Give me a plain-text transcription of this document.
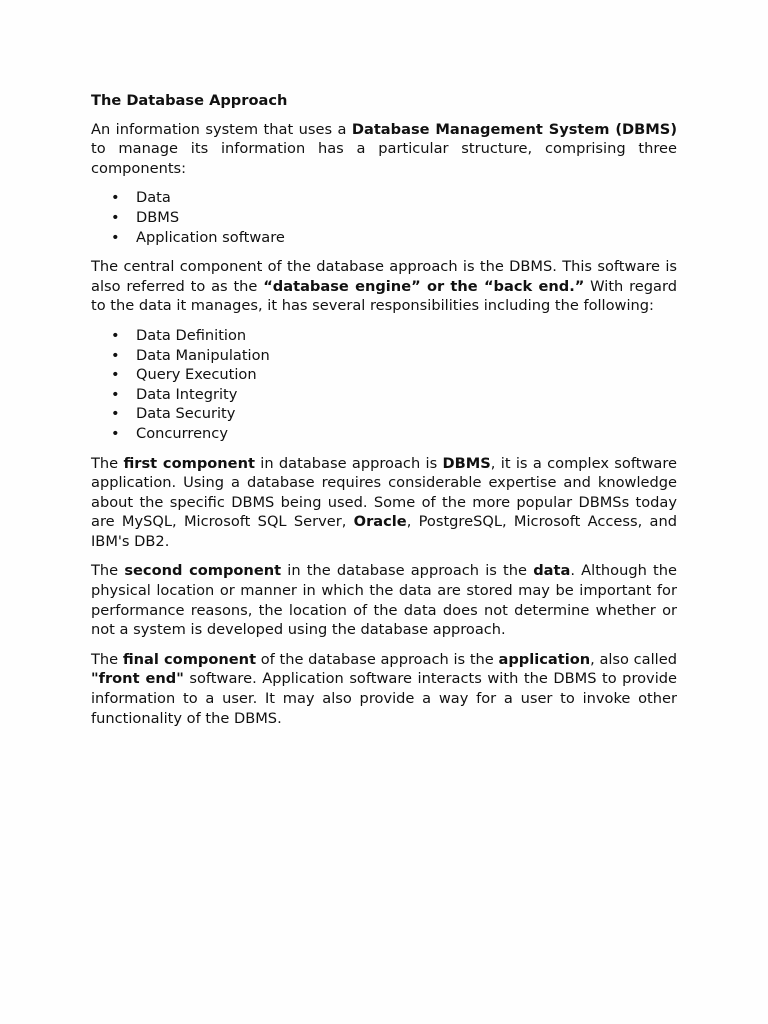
The Database Approach

An information system that uses a Database Management System (DBMS) to manage its information has a particular structure, comprising three components:

• Data
• DBMS
• Application software

The central component of the database approach is the DBMS. This software is also referred to as the “database engine” or the “back end.” With regard to the data it manages, it has several responsibilities including the following:

• Data Definition
• Data Manipulation
• Query Execution
• Data Integrity
• Data Security
• Concurrency

The first component in database approach is DBMS, it is a complex software application. Using a database requires considerable expertise and knowledge about the specific DBMS being used. Some of the more popular DBMSs today are MySQL, Microsoft SQL Server, Oracle, PostgreSQL, Microsoft Access, and IBM's DB2.

The second component in the database approach is the data. Although the physical location or manner in which the data are stored may be important for performance reasons, the location of the data does not determine whether or not a system is developed using the database approach.

The final component of the database approach is the application, also called "front end" software. Application software interacts with the DBMS to provide information to a user. It may also provide a way for a user to invoke other functionality of the DBMS.
